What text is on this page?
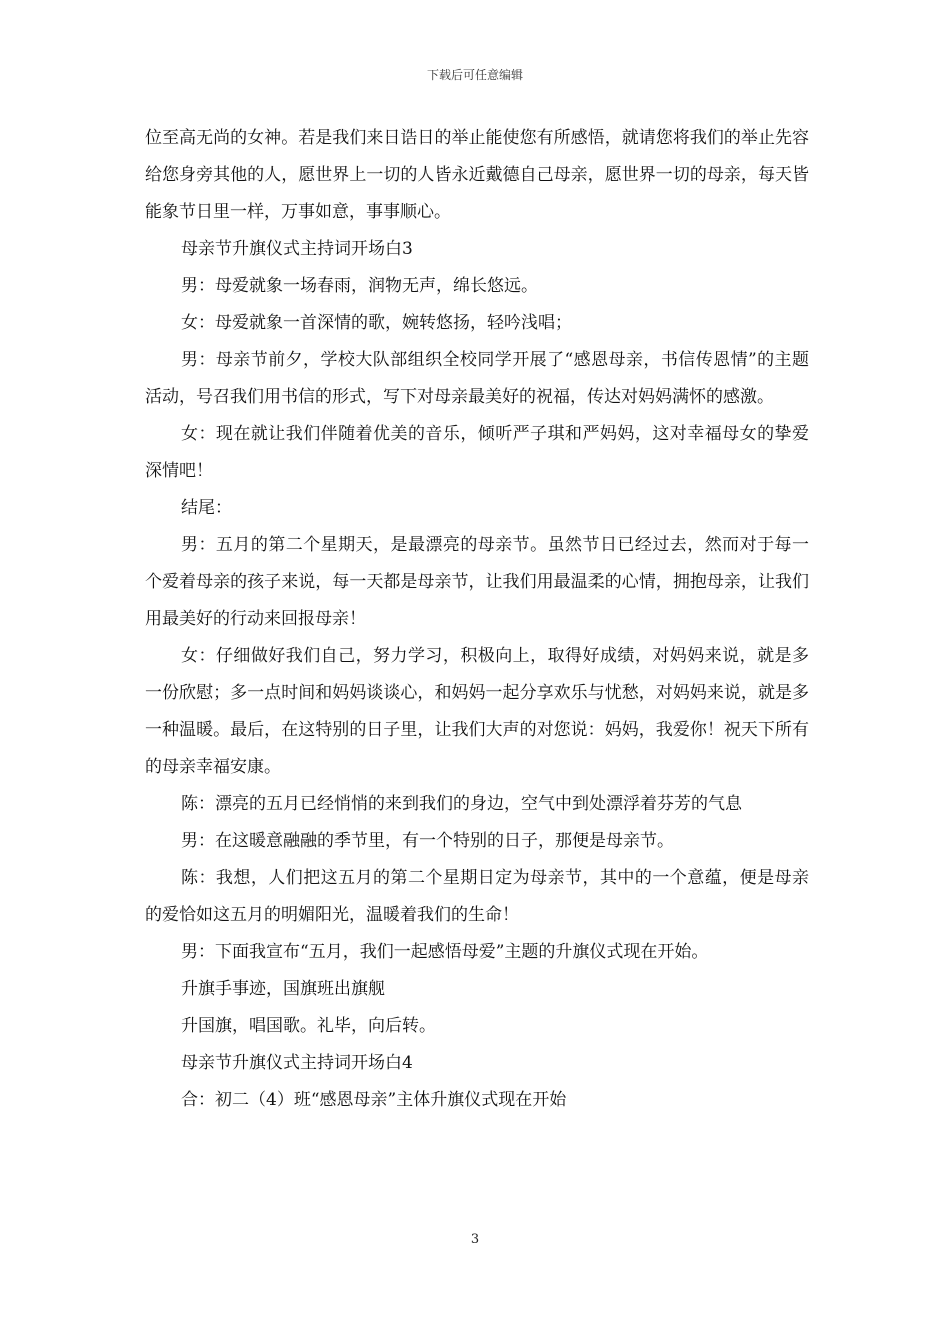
下载后可任意编辑

位至高无尚的女神。若是我们来日诰日的举止能使您有所感悟，就请您将我们的举止先容给您身旁其他的人，愿世界上一切的人皆永近戴德自己母亲，愿世界一切的母亲，每天皆能象节日里一样，万事如意，事事顺心。

母亲节升旗仪式主持词开场白3

男：母爱就象一场春雨，润物无声，绵长悠远。

女：母爱就象一首深情的歌，婉转悠扬，轻吟浅唱；

男：母亲节前夕，学校大队部组织全校同学开展了“感恩母亲，书信传恩情”的主题活动，号召我们用书信的形式，写下对母亲最美好的祝福，传达对妈妈满怀的感激。

女：现在就让我们伴随着优美的音乐，倾听严子琪和严妈妈，这对幸福母女的挚爱深情吧！

结尾：

男：五月的第二个星期天，是最漂亮的母亲节。虽然节日已经过去，然而对于每一个爱着母亲的孩子来说，每一天都是母亲节，让我们用最温柔的心情，拥抱母亲，让我们用最美好的行动来回报母亲！

女：仔细做好我们自己，努力学习，积极向上，取得好成绩，对妈妈来说，就是多一份欣慰；多一点时间和妈妈谈谈心，和妈妈一起分享欢乐与忧愁，对妈妈来说，就是多一种温暖。最后，在这特别的日子里，让我们大声的对您说：妈妈，我爱你！祝天下所有的母亲幸福安康。

陈：漂亮的五月已经悄悄的来到我们的身边，空气中到处漂浮着芬芳的气息

男：在这暖意融融的季节里，有一个特别的日子，那便是母亲节。

陈：我想，人们把这五月的第二个星期日定为母亲节，其中的一个意蕴，便是母亲的爱恰如这五月的明媚阳光，温暖着我们的生命！

男：下面我宣布“五月，我们一起感悟母爱”主题的升旗仪式现在开始。

升旗手事迹，国旗班出旗舰

升国旗，唱国歌。礼毕，向后转。

母亲节升旗仪式主持词开场白4

合：初二（4）班“感恩母亲”主体升旗仪式现在开始

3
